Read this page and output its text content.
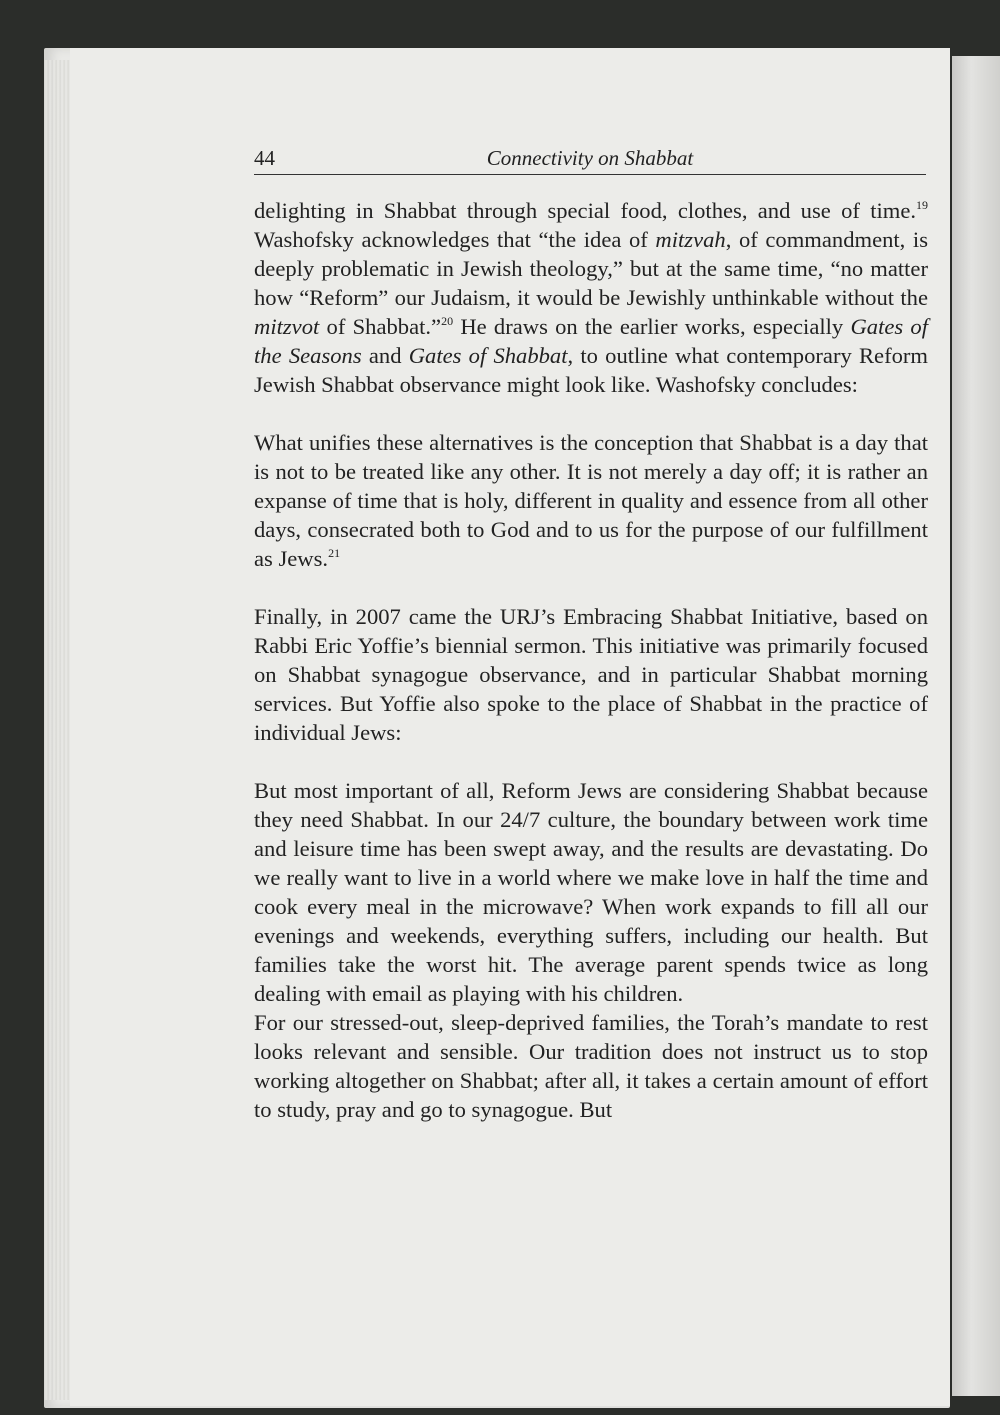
44	Connectivity on Shabbat

delighting in Shabbat through special food, clothes, and use of time.$^{19}$ Washofsky acknowledges that “the idea of mitzvah, of commandment, is deeply problematic in Jewish theology,” but at the same time, “no matter how “Reform” our Judaism, it would be Jewishly unthinkable without the mitzvot of Shabbat.”$^{20}$ He draws on the earlier works, especially Gates of the Seasons and Gates of Shabbat, to outline what contemporary Reform Jewish Shabbat observance might look like. Washofsky concludes:

What unifies these alternatives is the conception that Shabbat is a day that is not to be treated like any other. It is not merely a day off; it is rather an expanse of time that is holy, different in quality and essence from all other days, consecrated both to God and to us for the purpose of our fulfillment as Jews.$^{21}$

Finally, in 2007 came the URJ’s Embracing Shabbat Initiative, based on Rabbi Eric Yoffie’s biennial sermon. This initiative was primarily focused on Shabbat synagogue observance, and in particular Shabbat morning services. But Yoffie also spoke to the place of Shabbat in the practice of individual Jews:

But most important of all, Reform Jews are considering Shabbat because they need Shabbat. In our 24/7 culture, the boundary between work time and leisure time has been swept away, and the results are devastating. Do we really want to live in a world where we make love in half the time and cook every meal in the microwave? When work expands to fill all our evenings and weekends, everything suffers, including our health. But families take the worst hit. The average parent spends twice as long dealing with email as playing with his children.

For our stressed-out, sleep-deprived families, the Torah’s mandate to rest looks relevant and sensible. Our tradition does not instruct us to stop working altogether on Shabbat; after all, it takes a certain amount of effort to study, pray and go to synagogue. But
